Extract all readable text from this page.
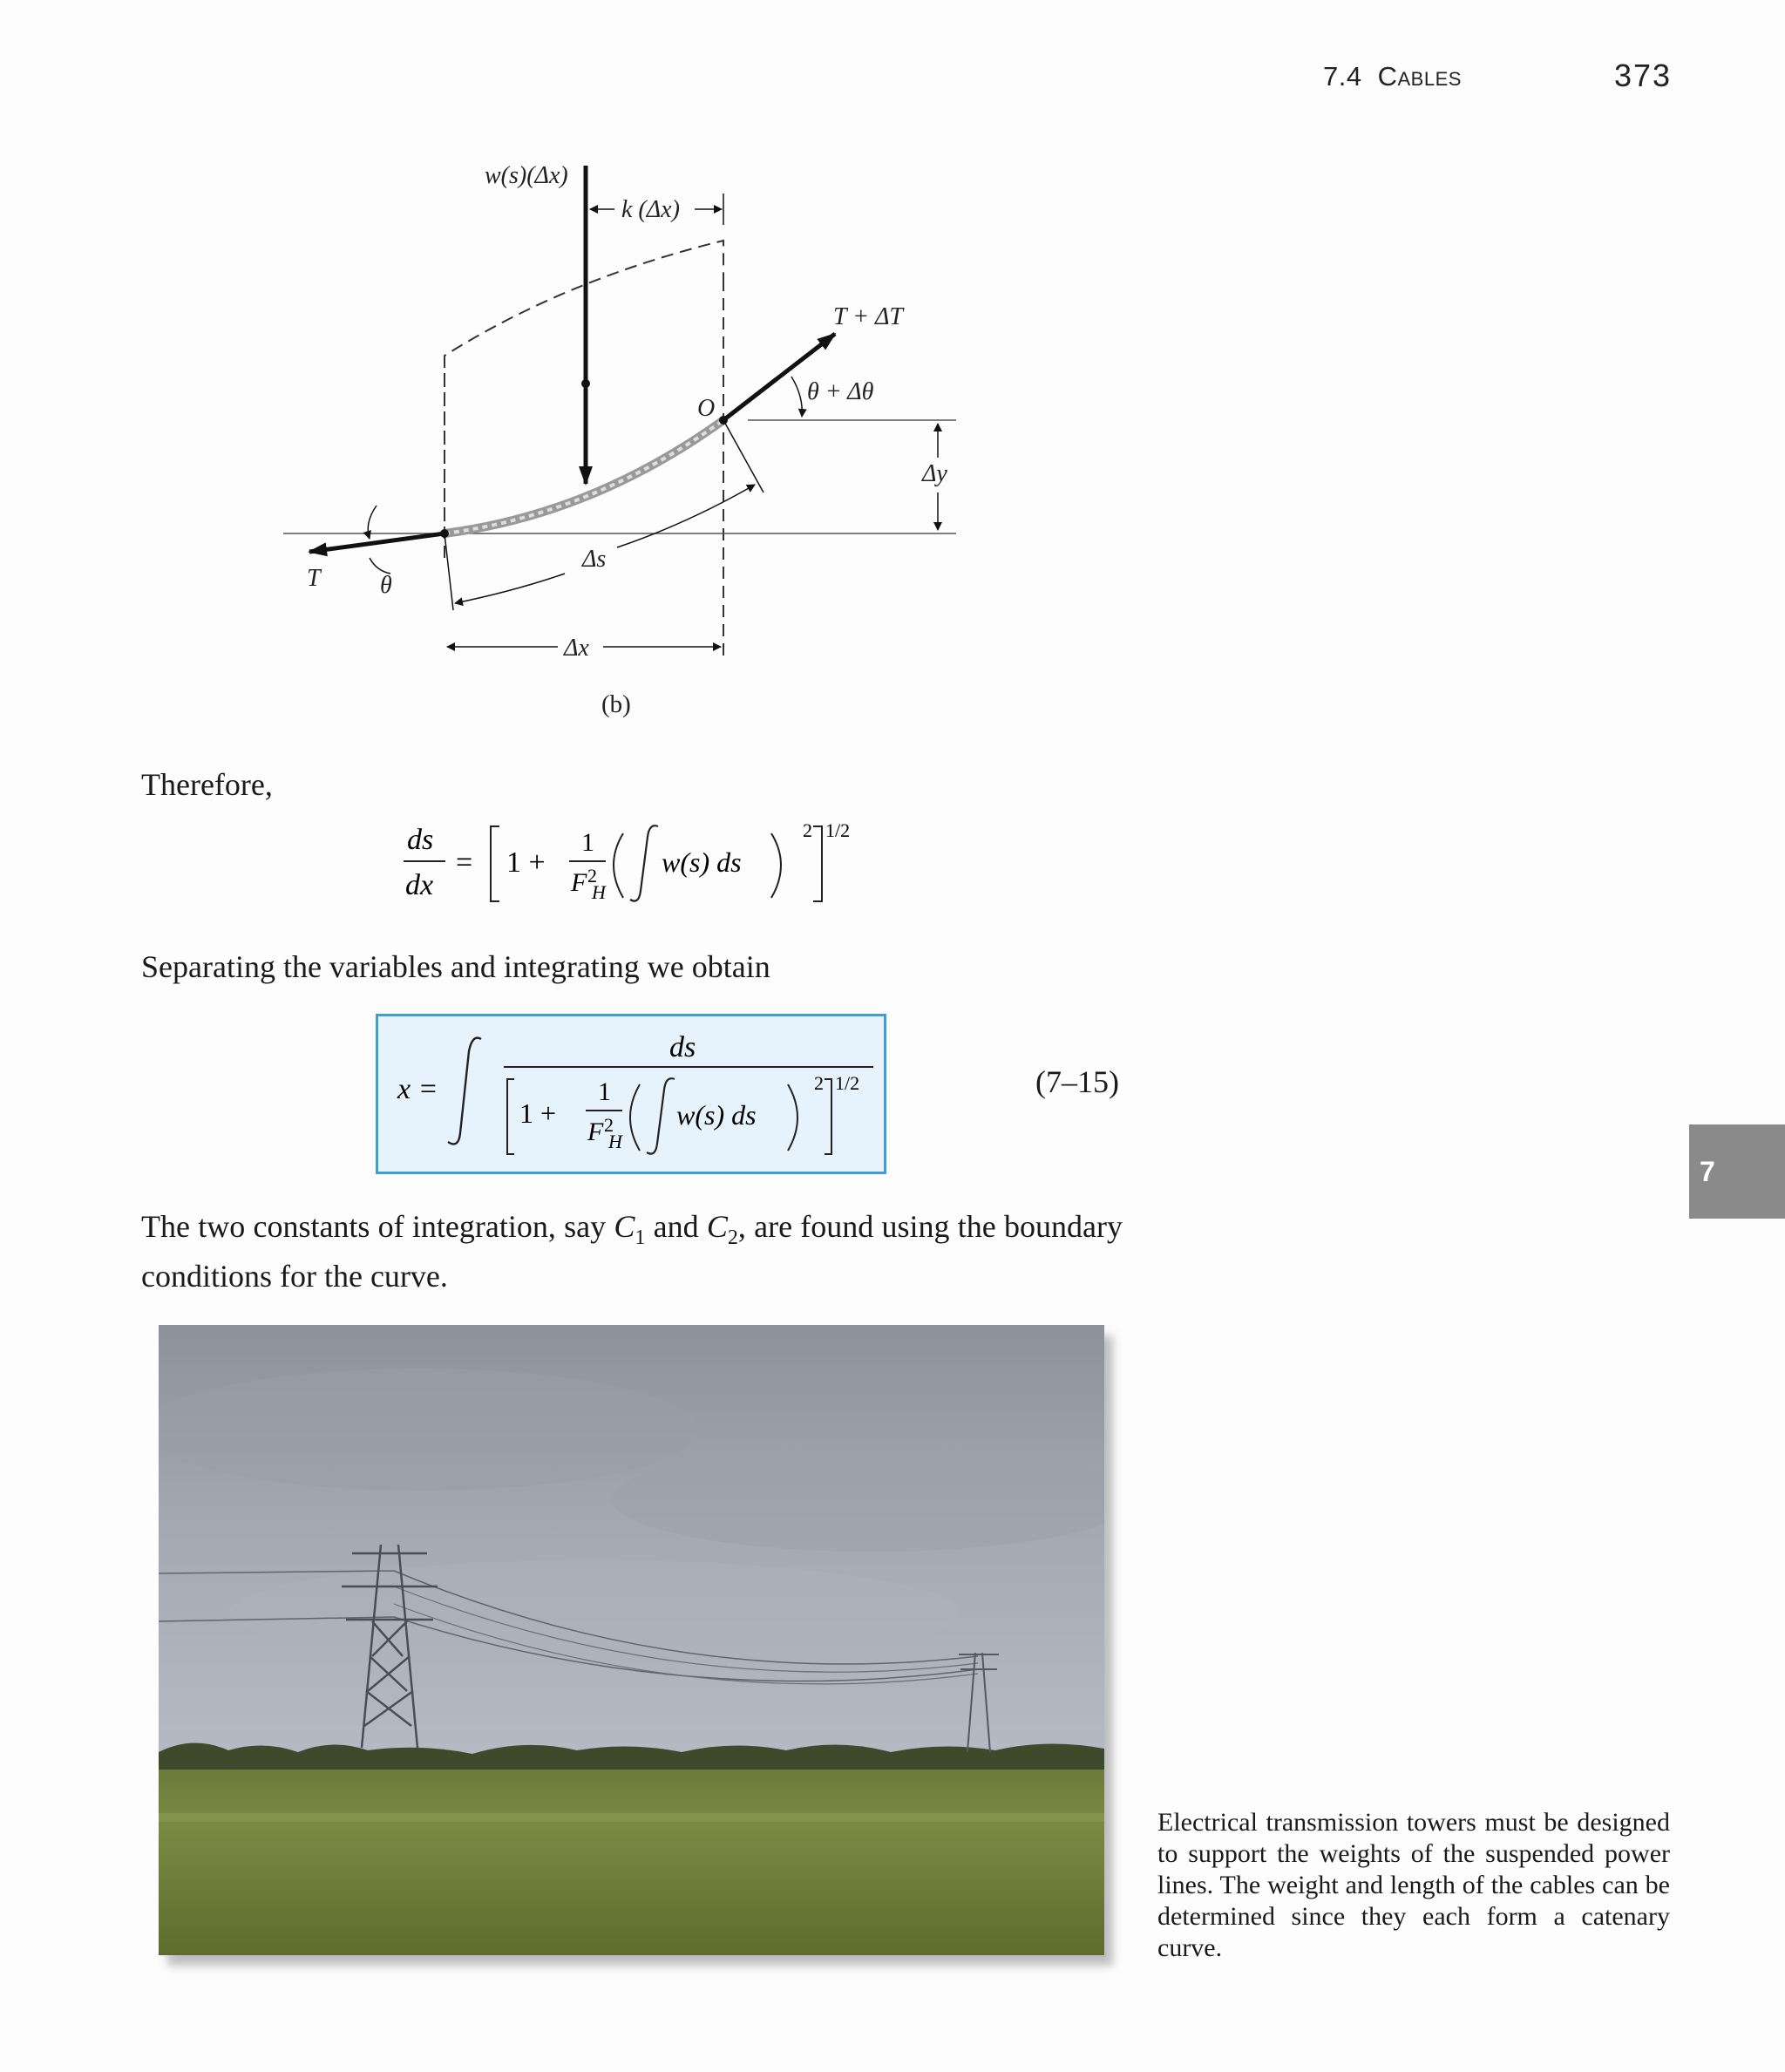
7.4 Cables	373
7
w(s)(Δx)
k (Δx)
T + ΔT
θ + Δθ
O
Δy
Δs
Δx
T θ
(b)
Therefore,
ds
dx
= 1 +
1
F 2
H
w(s) ds
2 1/2
Separating the variables and integrating we obtain
x =
ds
1 +
1
F 2
H
w(s) ds
2 1/2	(7–15)
The two constants of integration, say $C_1$ and $C_2$, are found using the boundary conditions for the curve.
Electrical transmission towers must be designed to support the weights of the suspended power lines. The weight and length of the cables can be determined since they each form a catenary curve.
